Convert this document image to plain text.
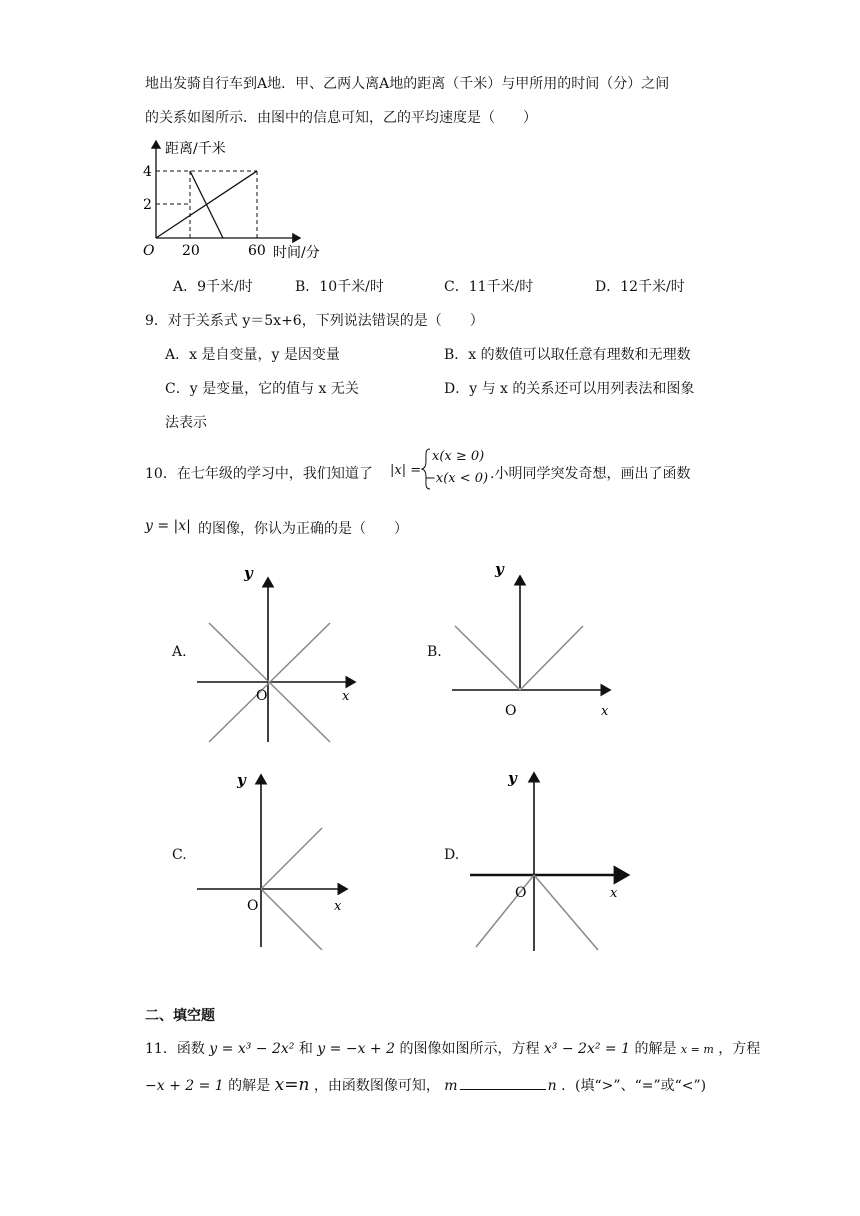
地出发骑自行车到A地．甲、乙两人离A地的距离（千米）与甲所用的时间（分）之间
的关系如图所示．由图中的信息可知，乙的平均速度是（　　）
距离/千米
4
2
O 20	60 时间/分
A．9千米/时	B．10千米/时	C．11千米/时	D．12千米/时
9．对于关系式 y＝5x+6，下列说法错误的是（　　）
A．x 是自变量，y 是因变量	B．x 的数值可以取任意有理数和无理数
C．y 是变量，它的值与 x 无关	D．y 与 x 的关系还可以用列表法和图象
法表示
10．在七年级的学习中，我们知道了 |x| =
x(x ≥ 0)
−x(x < 0) .小明同学突发奇想，画出了函数
y = |x| 的图像，你认为正确的是（　　）
A.
y
x
O
B.
y
x
O
C.
y
x
O
D.
y
x
O
二、填空题
11．函数 y = x³ − 2x² 和 y = −x + 2 的图像如图所示，方程 x³ − 2x² = 1 的解是 x = m ，方程
−x + 2 = 1 的解是 x=n ，由函数图像可知， m	n ．(填“>”、“=”或“<”)
